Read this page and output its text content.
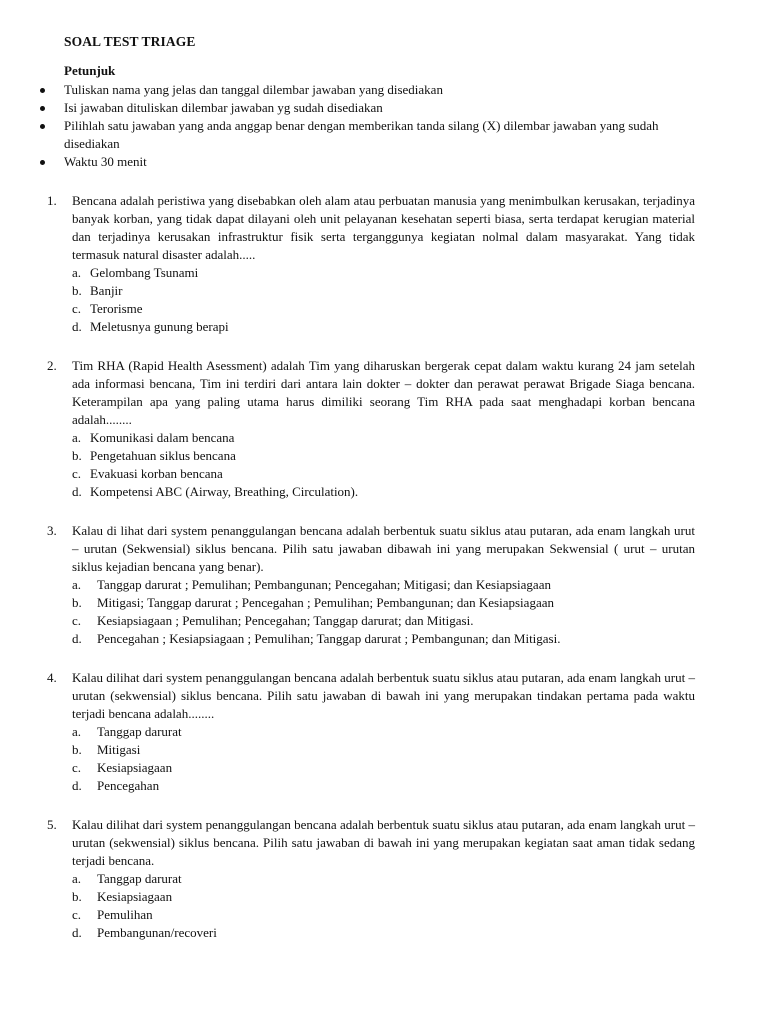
SOAL TEST TRIAGE
Petunjuk
Tuliskan nama yang jelas dan tanggal dilembar jawaban yang disediakan
Isi jawaban dituliskan dilembar jawaban yg sudah disediakan
Pilihlah satu jawaban yang anda anggap benar dengan memberikan tanda silang (X) dilembar jawaban yang sudah disediakan
Waktu 30 menit
1.	Bencana adalah peristiwa yang disebabkan oleh alam atau perbuatan manusia yang menimbulkan kerusakan, terjadinya banyak korban, yang tidak dapat dilayani oleh unit pelayanan kesehatan seperti biasa, serta terdapat kerugian material dan terjadinya kerusakan infrastruktur fisik serta terganggunya kegiatan nolmal dalam masyarakat. Yang tidak termasuk natural disaster adalah.....
a. Gelombang Tsunami
b. Banjir
c. Terorisme
d. Meletusnya gunung berapi
2.	Tim RHA (Rapid Health Asessment) adalah Tim yang diharuskan bergerak cepat dalam waktu kurang 24 jam setelah ada informasi bencana, Tim ini terdiri dari antara lain dokter – dokter dan perawat perawat Brigade Siaga bencana. Keterampilan apa yang paling utama harus dimiliki seorang Tim RHA pada saat menghadapi korban bencana adalah........
a. Komunikasi dalam bencana
b. Pengetahuan siklus bencana
c. Evakuasi korban bencana
d. Kompetensi ABC (Airway, Breathing, Circulation).
3.	Kalau di lihat dari system penanggulangan bencana adalah berbentuk suatu siklus atau putaran, ada enam langkah urut – urutan (Sekwensial) siklus bencana. Pilih satu jawaban dibawah ini yang merupakan Sekwensial ( urut – urutan siklus kejadian bencana yang benar).
a. Tanggap darurat ; Pemulihan; Pembangunan; Pencegahan; Mitigasi; dan Kesiapsiagaan
b. Mitigasi; Tanggap darurat ; Pencegahan ; Pemulihan; Pembangunan; dan Kesiapsiagaan
c. Kesiapsiagaan ; Pemulihan; Pencegahan; Tanggap darurat; dan Mitigasi.
d. Pencegahan ; Kesiapsiagaan ; Pemulihan; Tanggap darurat ; Pembangunan; dan Mitigasi.
4.	Kalau dilihat dari system penanggulangan bencana adalah berbentuk suatu siklus atau putaran, ada enam langkah urut – urutan (sekwensial) siklus bencana. Pilih satu jawaban di bawah ini yang merupakan tindakan pertama pada waktu terjadi bencana adalah........
a. Tanggap darurat
b. Mitigasi
c. Kesiapsiagaan
d. Pencegahan
5.	Kalau dilihat dari system penanggulangan bencana adalah berbentuk suatu siklus atau putaran, ada enam langkah urut – urutan (sekwensial) siklus bencana. Pilih satu jawaban di bawah ini yang merupakan kegiatan saat aman tidak sedang terjadi bencana.
a. Tanggap darurat
b. Kesiapsiagaan
c. Pemulihan
d. Pembangunan/recoveri
